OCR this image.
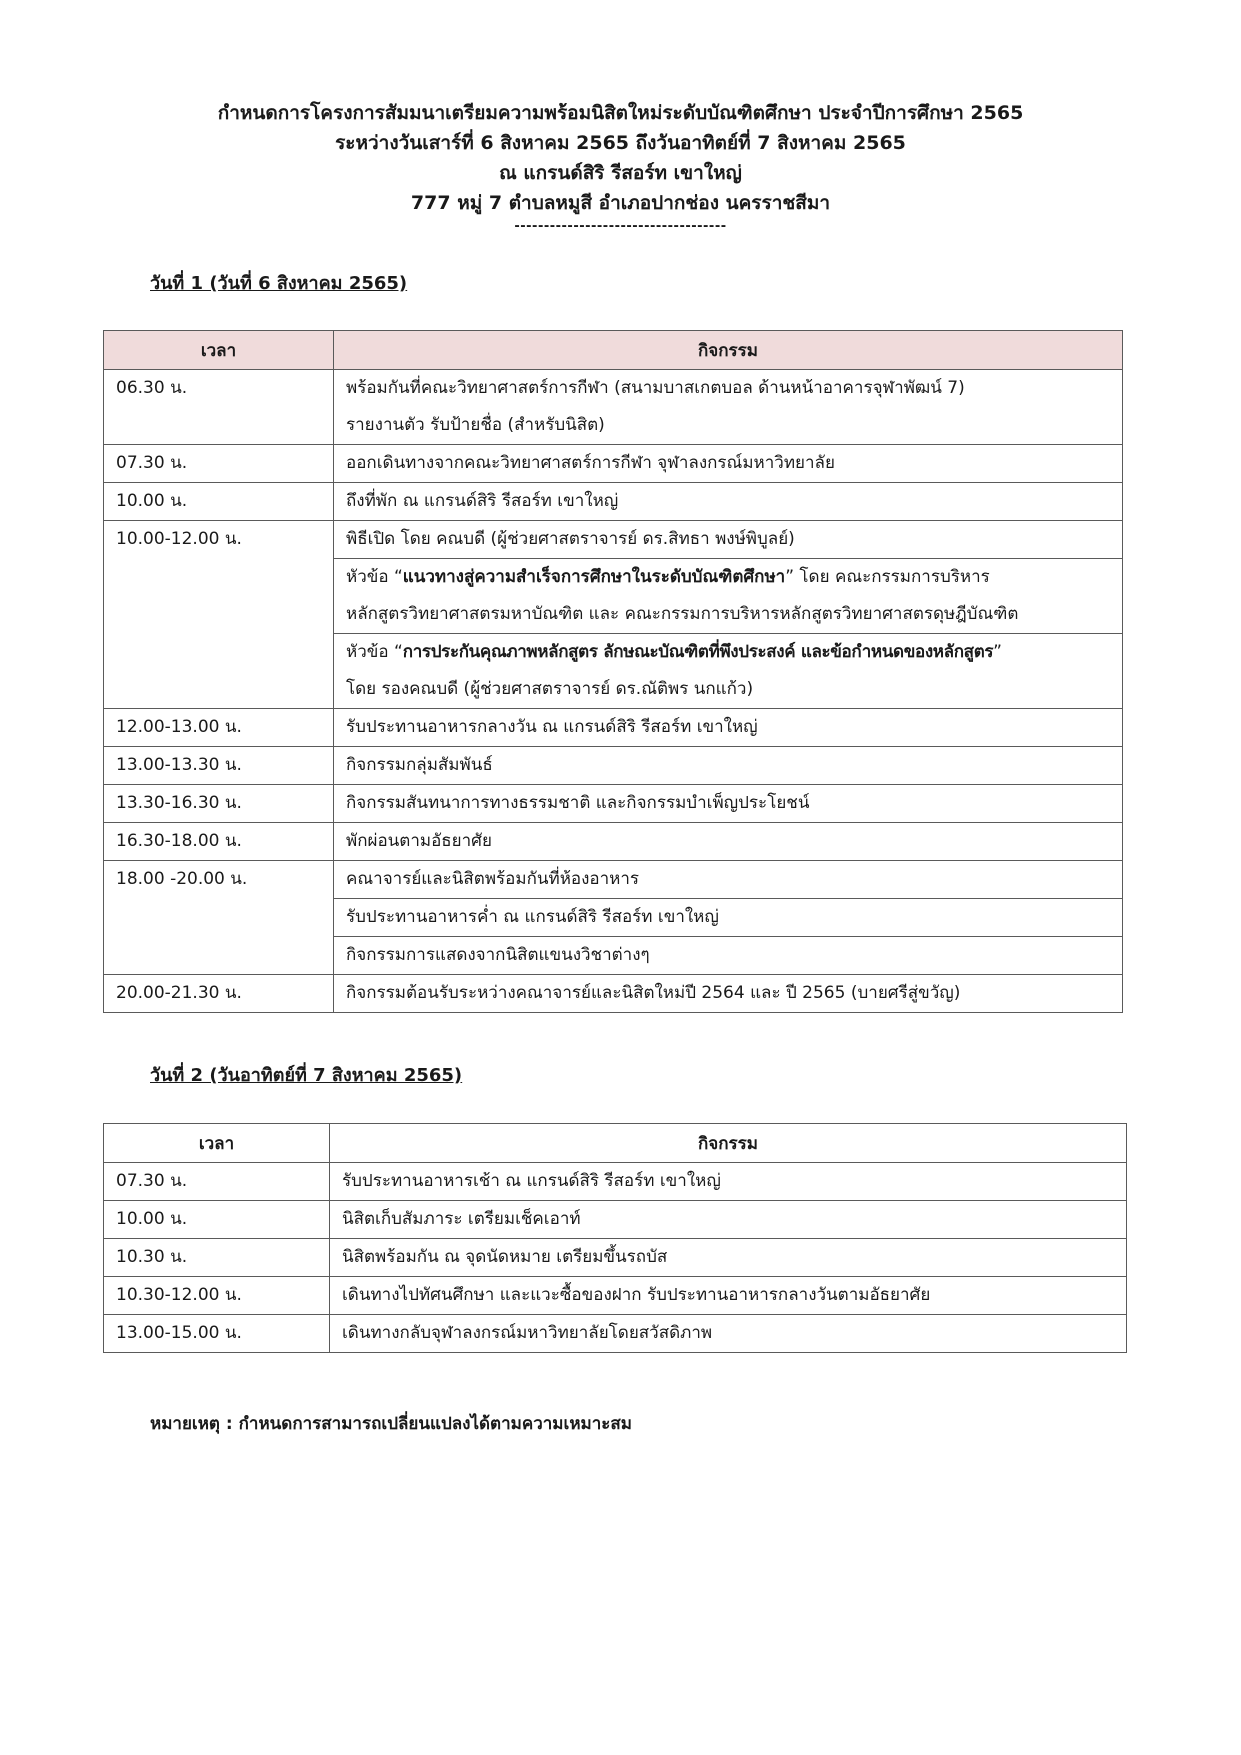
กำหนดการโครงการสัมมนาเตรียมความพร้อมนิสิตใหม่ระดับบัณฑิตศึกษา ประจำปีการศึกษา 2565
ระหว่างวันเสาร์ที่ 6 สิงหาคม 2565 ถึงวันอาทิตย์ที่ 7 สิงหาคม 2565
ณ แกรนด์สิริ รีสอร์ท เขาใหญ่
777 หมู่ 7 ตำบลหมูสี อำเภอปากช่อง นครราชสีมา
------------------------------------
วันที่ 1 (วันที่ 6 สิงหาคม 2565)
เวลา	กิจกรรม
06.30 น.	พร้อมกันที่คณะวิทยาศาสตร์การกีฬา (สนามบาสเกตบอล ด้านหน้าอาคารจุฬาพัฒน์ 7)
รายงานตัว รับป้ายชื่อ (สำหรับนิสิต)

07.30 น.	ออกเดินทางจากคณะวิทยาศาสตร์การกีฬา จุฬาลงกรณ์มหาวิทยาลัย
10.00 น.	ถึงที่พัก ณ แกรนด์สิริ รีสอร์ท เขาใหญ่
10.00-12.00 น.	พิธีเปิด โดย คณบดี (ผู้ช่วยศาสตราจารย์ ดร.สิทธา พงษ์พิบูลย์)

	หัวข้อ “แนวทางสู่ความสำเร็จการศึกษาในระดับบัณฑิตศึกษา” โดย คณะกรรมการบริหาร
หลักสูตรวิทยาศาสตรมหาบัณฑิต และ คณะกรรมการบริหารหลักสูตรวิทยาศาสตรดุษฎีบัณฑิต

	หัวข้อ “การประกันคุณภาพหลักสูตร ลักษณะบัณฑิตที่พึงประสงค์ และข้อกำหนดของหลักสูตร”
โดย รองคณบดี (ผู้ช่วยศาสตราจารย์ ดร.ณัติพร นกแก้ว)

12.00-13.00 น.	รับประทานอาหารกลางวัน ณ แกรนด์สิริ รีสอร์ท เขาใหญ่
13.00-13.30 น.	กิจกรรมกลุ่มสัมพันธ์
13.30-16.30 น.	กิจกรรมสันทนาการทางธรรมชาติ และกิจกรรมบำเพ็ญประโยชน์
16.30-18.00 น.	พักผ่อนตามอัธยาศัย
18.00 -20.00 น.	คณาจารย์และนิสิตพร้อมกันที่ห้องอาหาร
	รับประทานอาหารค่ำ ณ แกรนด์สิริ รีสอร์ท เขาใหญ่
	กิจกรรมการแสดงจากนิสิตแขนงวิชาต่างๆ
20.00-21.30 น.	กิจกรรมต้อนรับระหว่างคณาจารย์และนิสิตใหม่ปี 2564 และ ปี 2565 (บายศรีสู่ขวัญ)
วันที่ 2 (วันอาทิตย์ที่ 7 สิงหาคม 2565)
เวลา	กิจกรรม
07.30 น.	รับประทานอาหารเช้า ณ แกรนด์สิริ รีสอร์ท เขาใหญ่
10.00 น.	นิสิตเก็บสัมภาระ เตรียมเช็คเอาท์
10.30 น.	นิสิตพร้อมกัน ณ จุดนัดหมาย เตรียมขึ้นรถบัส
10.30-12.00 น.	เดินทางไปทัศนศึกษา และแวะซื้อของฝาก รับประทานอาหารกลางวันตามอัธยาศัย
13.00-15.00 น.	เดินทางกลับจุฬาลงกรณ์มหาวิทยาลัยโดยสวัสดิภาพ
หมายเหตุ : กำหนดการสามารถเปลี่ยนแปลงได้ตามความเหมาะสม
